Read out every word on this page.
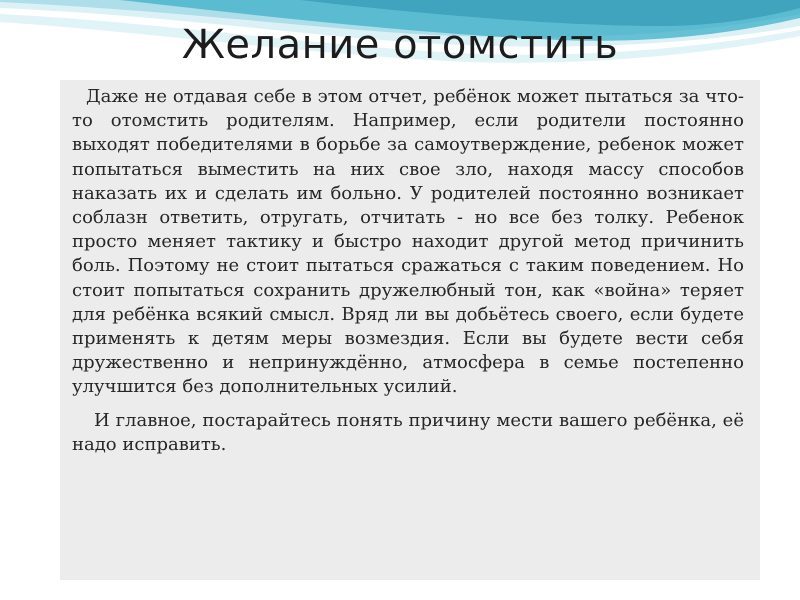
Желание отомстить

Даже не отдавая себе в этом отчет, ребёнок может пытаться за что-то отомстить родителям. Например, если родители постоянно выходят победителями в борьбе за самоутверждение, ребенок может попытаться выместить на них свое зло, находя массу способов наказать их и сделать им больно. У родителей постоянно возникает соблазн ответить, отругать, отчитать - но все без толку. Ребенок просто меняет тактику и быстро находит другой метод причинить боль. Поэтому не стоит пытаться сражаться с таким поведением. Но стоит попытаться сохранить дружелюбный тон, как «война» теряет для ребёнка всякий смысл. Вряд ли вы добьётесь своего, если будете применять к детям меры возмездия. Если вы будете вести себя дружественно и непринуждённо, атмосфера в семье постепенно улучшится без дополнительных усилий.

И главное, постарайтесь понять причину мести вашего ребёнка, её надо исправить.
